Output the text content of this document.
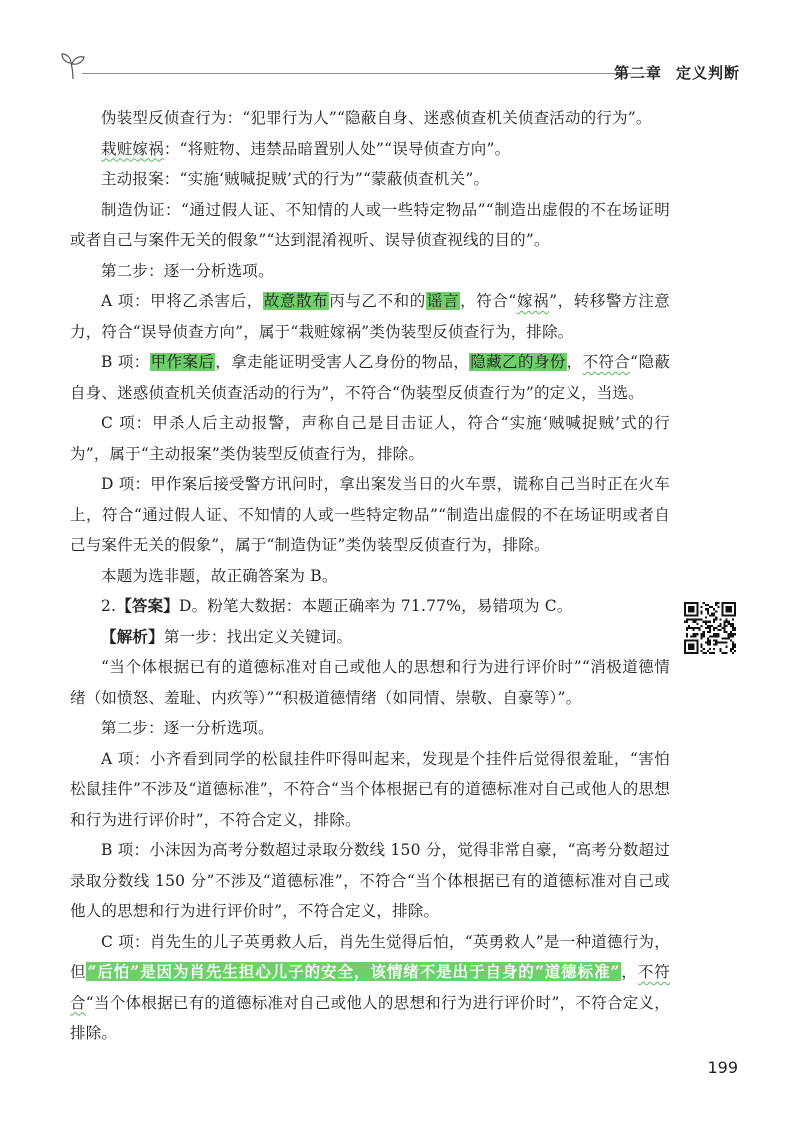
第二章 定义判断

伪装型反侦查行为：“犯罪行为人”“隐蔽自身、迷惑侦查机关侦查活动的行为”。

栽赃嫁祸：“将赃物、违禁品暗置别人处”“误导侦查方向”。

主动报案：“实施‘贼喊捉贼’式的行为”“蒙蔽侦查机关”。

制造伪证：“通过假人证、不知情的人或一些特定物品”“制造出虚假的不在场证明或者自己与案件无关的假象”“达到混淆视听、误导侦查视线的目的”。

第二步：逐一分析选项。

A 项：甲将乙杀害后，故意散布丙与乙不和的谣言，符合“嫁祸”，转移警方注意力，符合“误导侦查方向”，属于“栽赃嫁祸”类伪装型反侦查行为，排除。

B 项：甲作案后，拿走能证明受害人乙身份的物品，隐藏乙的身份，不符合“隐蔽自身、迷惑侦查机关侦查活动的行为”，不符合“伪装型反侦查行为”的定义，当选。

C 项：甲杀人后主动报警，声称自己是目击证人，符合“实施‘贼喊捉贼’式的行为”，属于“主动报案”类伪装型反侦查行为，排除。

D 项：甲作案后接受警方讯问时，拿出案发当日的火车票，谎称自己当时正在火车上，符合“通过假人证、不知情的人或一些特定物品”“制造出虚假的不在场证明或者自己与案件无关的假象”，属于“制造伪证”类伪装型反侦查行为，排除。

本题为选非题，故正确答案为 B。

2.【答案】D。粉笔大数据：本题正确率为 71.77%，易错项为 C。

【解析】第一步：找出定义关键词。

“当个体根据已有的道德标准对自己或他人的思想和行为进行评价时”“消极道德情绪（如愤怒、羞耻、内疚等）”“积极道德情绪（如同情、崇敬、自豪等）”。

第二步：逐一分析选项。

A 项：小齐看到同学的松鼠挂件吓得叫起来，发现是个挂件后觉得很羞耻，“害怕松鼠挂件”不涉及“道德标准”，不符合“当个体根据已有的道德标准对自己或他人的思想和行为进行评价时”，不符合定义，排除。

B 项：小沫因为高考分数超过录取分数线 150 分，觉得非常自豪，“高考分数超过录取分数线 150 分”不涉及“道德标准”，不符合“当个体根据已有的道德标准对自己或他人的思想和行为进行评价时”，不符合定义，排除。

C 项：肖先生的儿子英勇救人后，肖先生觉得后怕，“英勇救人”是一种道德行为，但“后怕”是因为肖先生担心儿子的安全，该情绪不是出于自身的“道德标准”，不符合“当个体根据已有的道德标准对自己或他人的思想和行为进行评价时”，不符合定义，排除。

199
